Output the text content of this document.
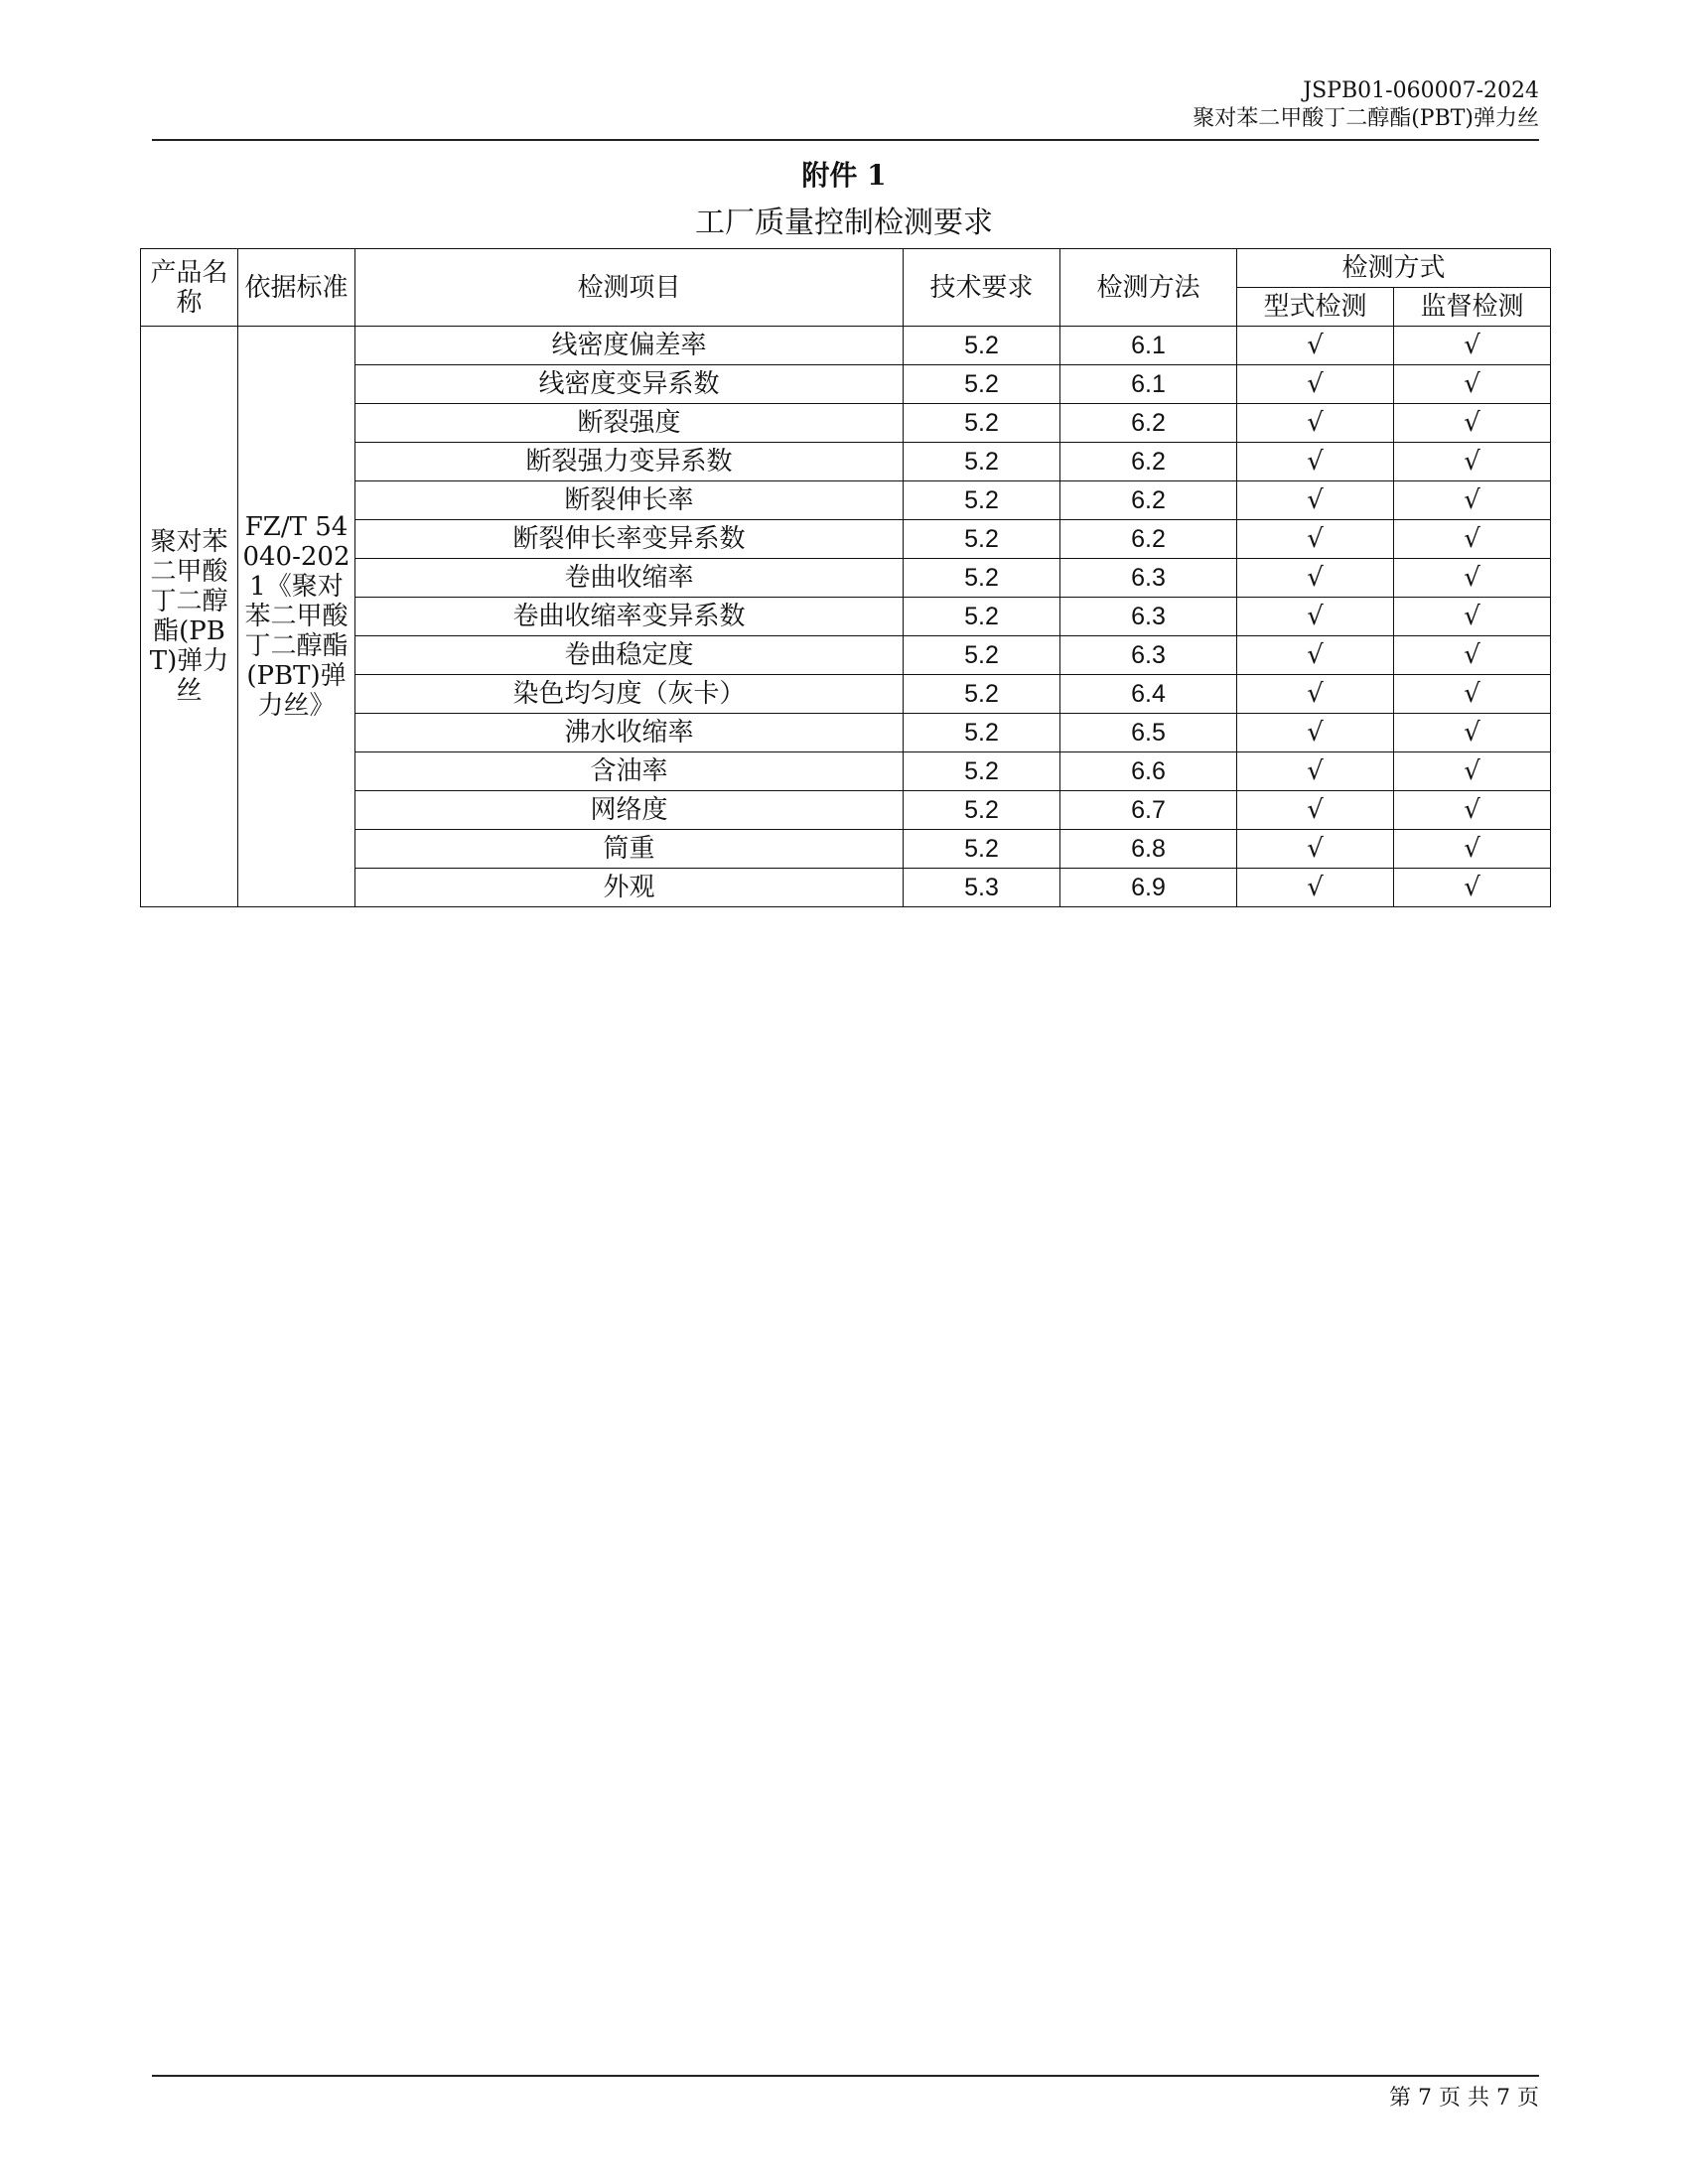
JSPB01-060007-2024
聚对苯二甲酸丁二醇酯(PBT)弹力丝
附件 1
工厂质量控制检测要求
产品名称	依据标准	检测项目	技术要求	检测方法	检测方式	
					型式检测	监督检测
聚对苯二甲酸丁二醇酯(PBT)弹力丝	FZ/T 54040-2021《聚对苯二甲酸丁二醇酯(PBT)弹力丝》	线密度偏差率	5.2	6.1	√	√
		线密度变异系数	5.2	6.1	√	√
		断裂强度	5.2	6.2	√	√
		断裂强力变异系数	5.2	6.2	√	√
		断裂伸长率	5.2	6.2	√	√
		断裂伸长率变异系数	5.2	6.2	√	√
		卷曲收缩率	5.2	6.3	√	√
		卷曲收缩率变异系数	5.2	6.3	√	√
		卷曲稳定度	5.2	6.3	√	√
		染色均匀度（灰卡）	5.2	6.4	√	√
		沸水收缩率	5.2	6.5	√	√
		含油率	5.2	6.6	√	√
		网络度	5.2	6.7	√	√
		筒重	5.2	6.8	√	√
		外观	5.3	6.9	√	√
第 7 页 共 7 页
